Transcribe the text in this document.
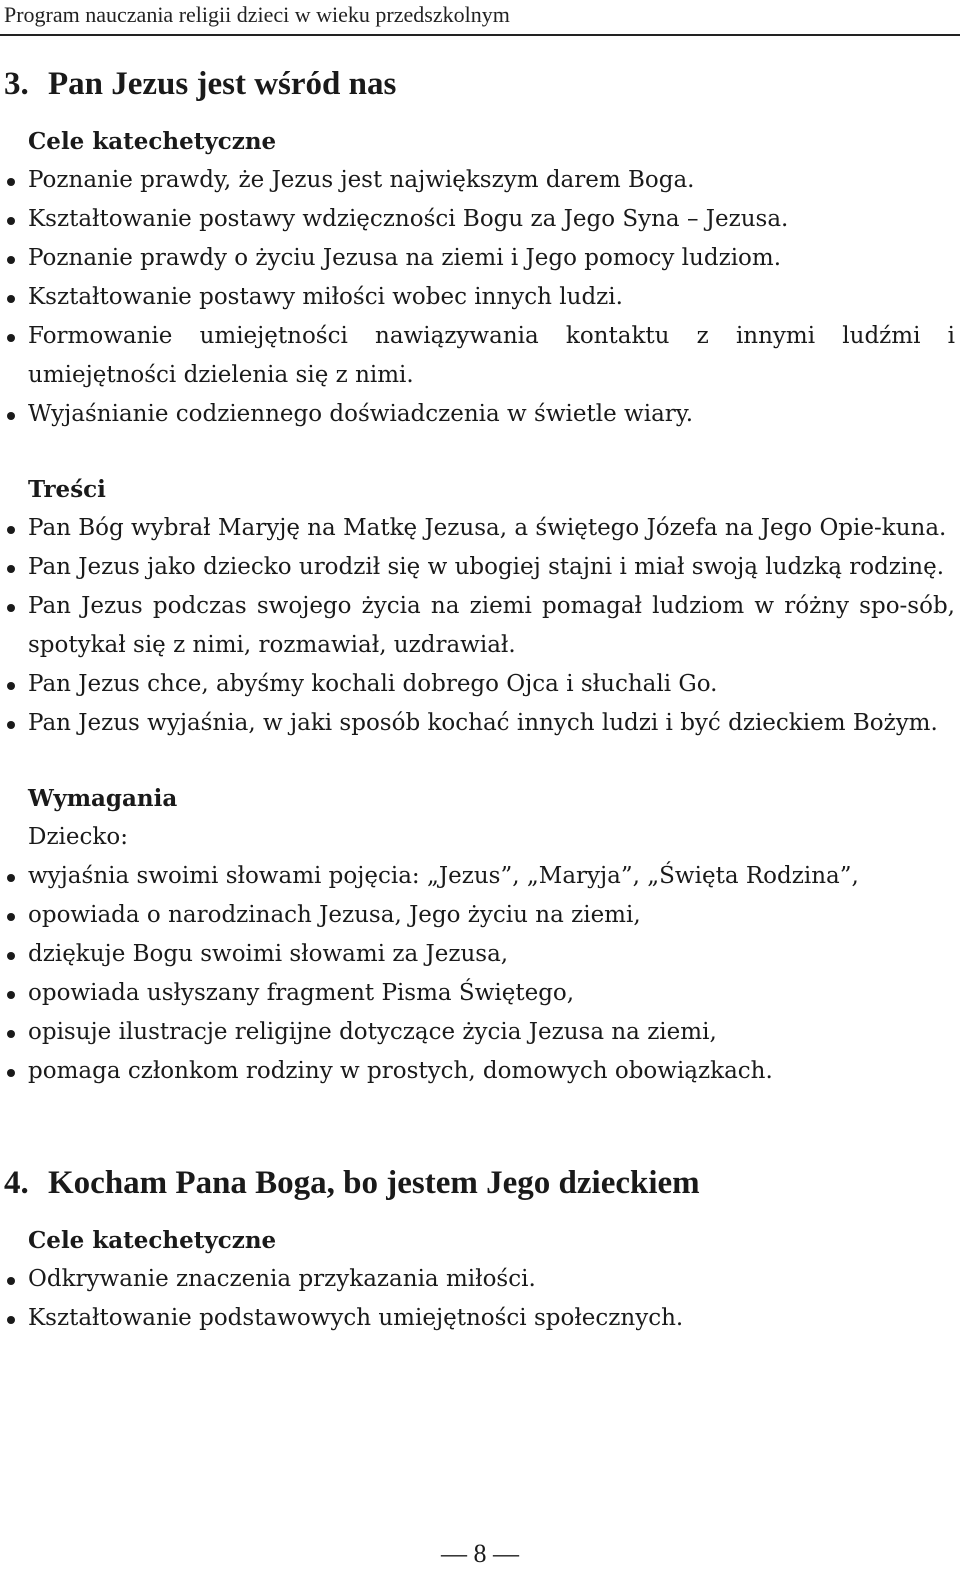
Program nauczania religii dzieci w wieku przedszkolnym
3. Pan Jezus jest wśród nas
Cele katechetyczne
Poznanie prawdy, że Jezus jest największym darem Boga.
Kształtowanie postawy wdzięczności Bogu za Jego Syna – Jezusa.
Poznanie prawdy o życiu Jezusa na ziemi i Jego pomocy ludziom.
Kształtowanie postawy miłości wobec innych ludzi.
Formowanie umiejętności nawiązywania kontaktu z innymi ludźmi i umiejętności dzielenia się z nimi.
Wyjaśnianie codziennego doświadczenia w świetle wiary.
Treści
Pan Bóg wybrał Maryję na Matkę Jezusa, a świętego Józefa na Jego Opie-kuna.
Pan Jezus jako dziecko urodził się w ubogiej stajni i miał swoją ludzką rodzinę.
Pan Jezus podczas swojego życia na ziemi pomagał ludziom w różny spo-sób, spotykał się z nimi, rozmawiał, uzdrawiał.
Pan Jezus chce, abyśmy kochali dobrego Ojca i słuchali Go.
Pan Jezus wyjaśnia, w jaki sposób kochać innych ludzi i być dzieckiem Bożym.
Wymagania

Dziecko:

wyjaśnia swoimi słowami pojęcia: „Jezus”, „Maryja”, „Święta Rodzina”,
opowiada o narodzinach Jezusa, Jego życiu na ziemi,
dziękuje Bogu swoimi słowami za Jezusa,
opowiada usłyszany fragment Pisma Świętego,
opisuje ilustracje religijne dotyczące życia Jezusa na ziemi,
pomaga członkom rodziny w prostych, domowych obowiązkach.
4. Kocham Pana Boga, bo jestem Jego dzieckiem
Cele katechetyczne
Odkrywanie znaczenia przykazania miłości.
Kształtowanie podstawowych umiejętności społecznych.
— 8 —
